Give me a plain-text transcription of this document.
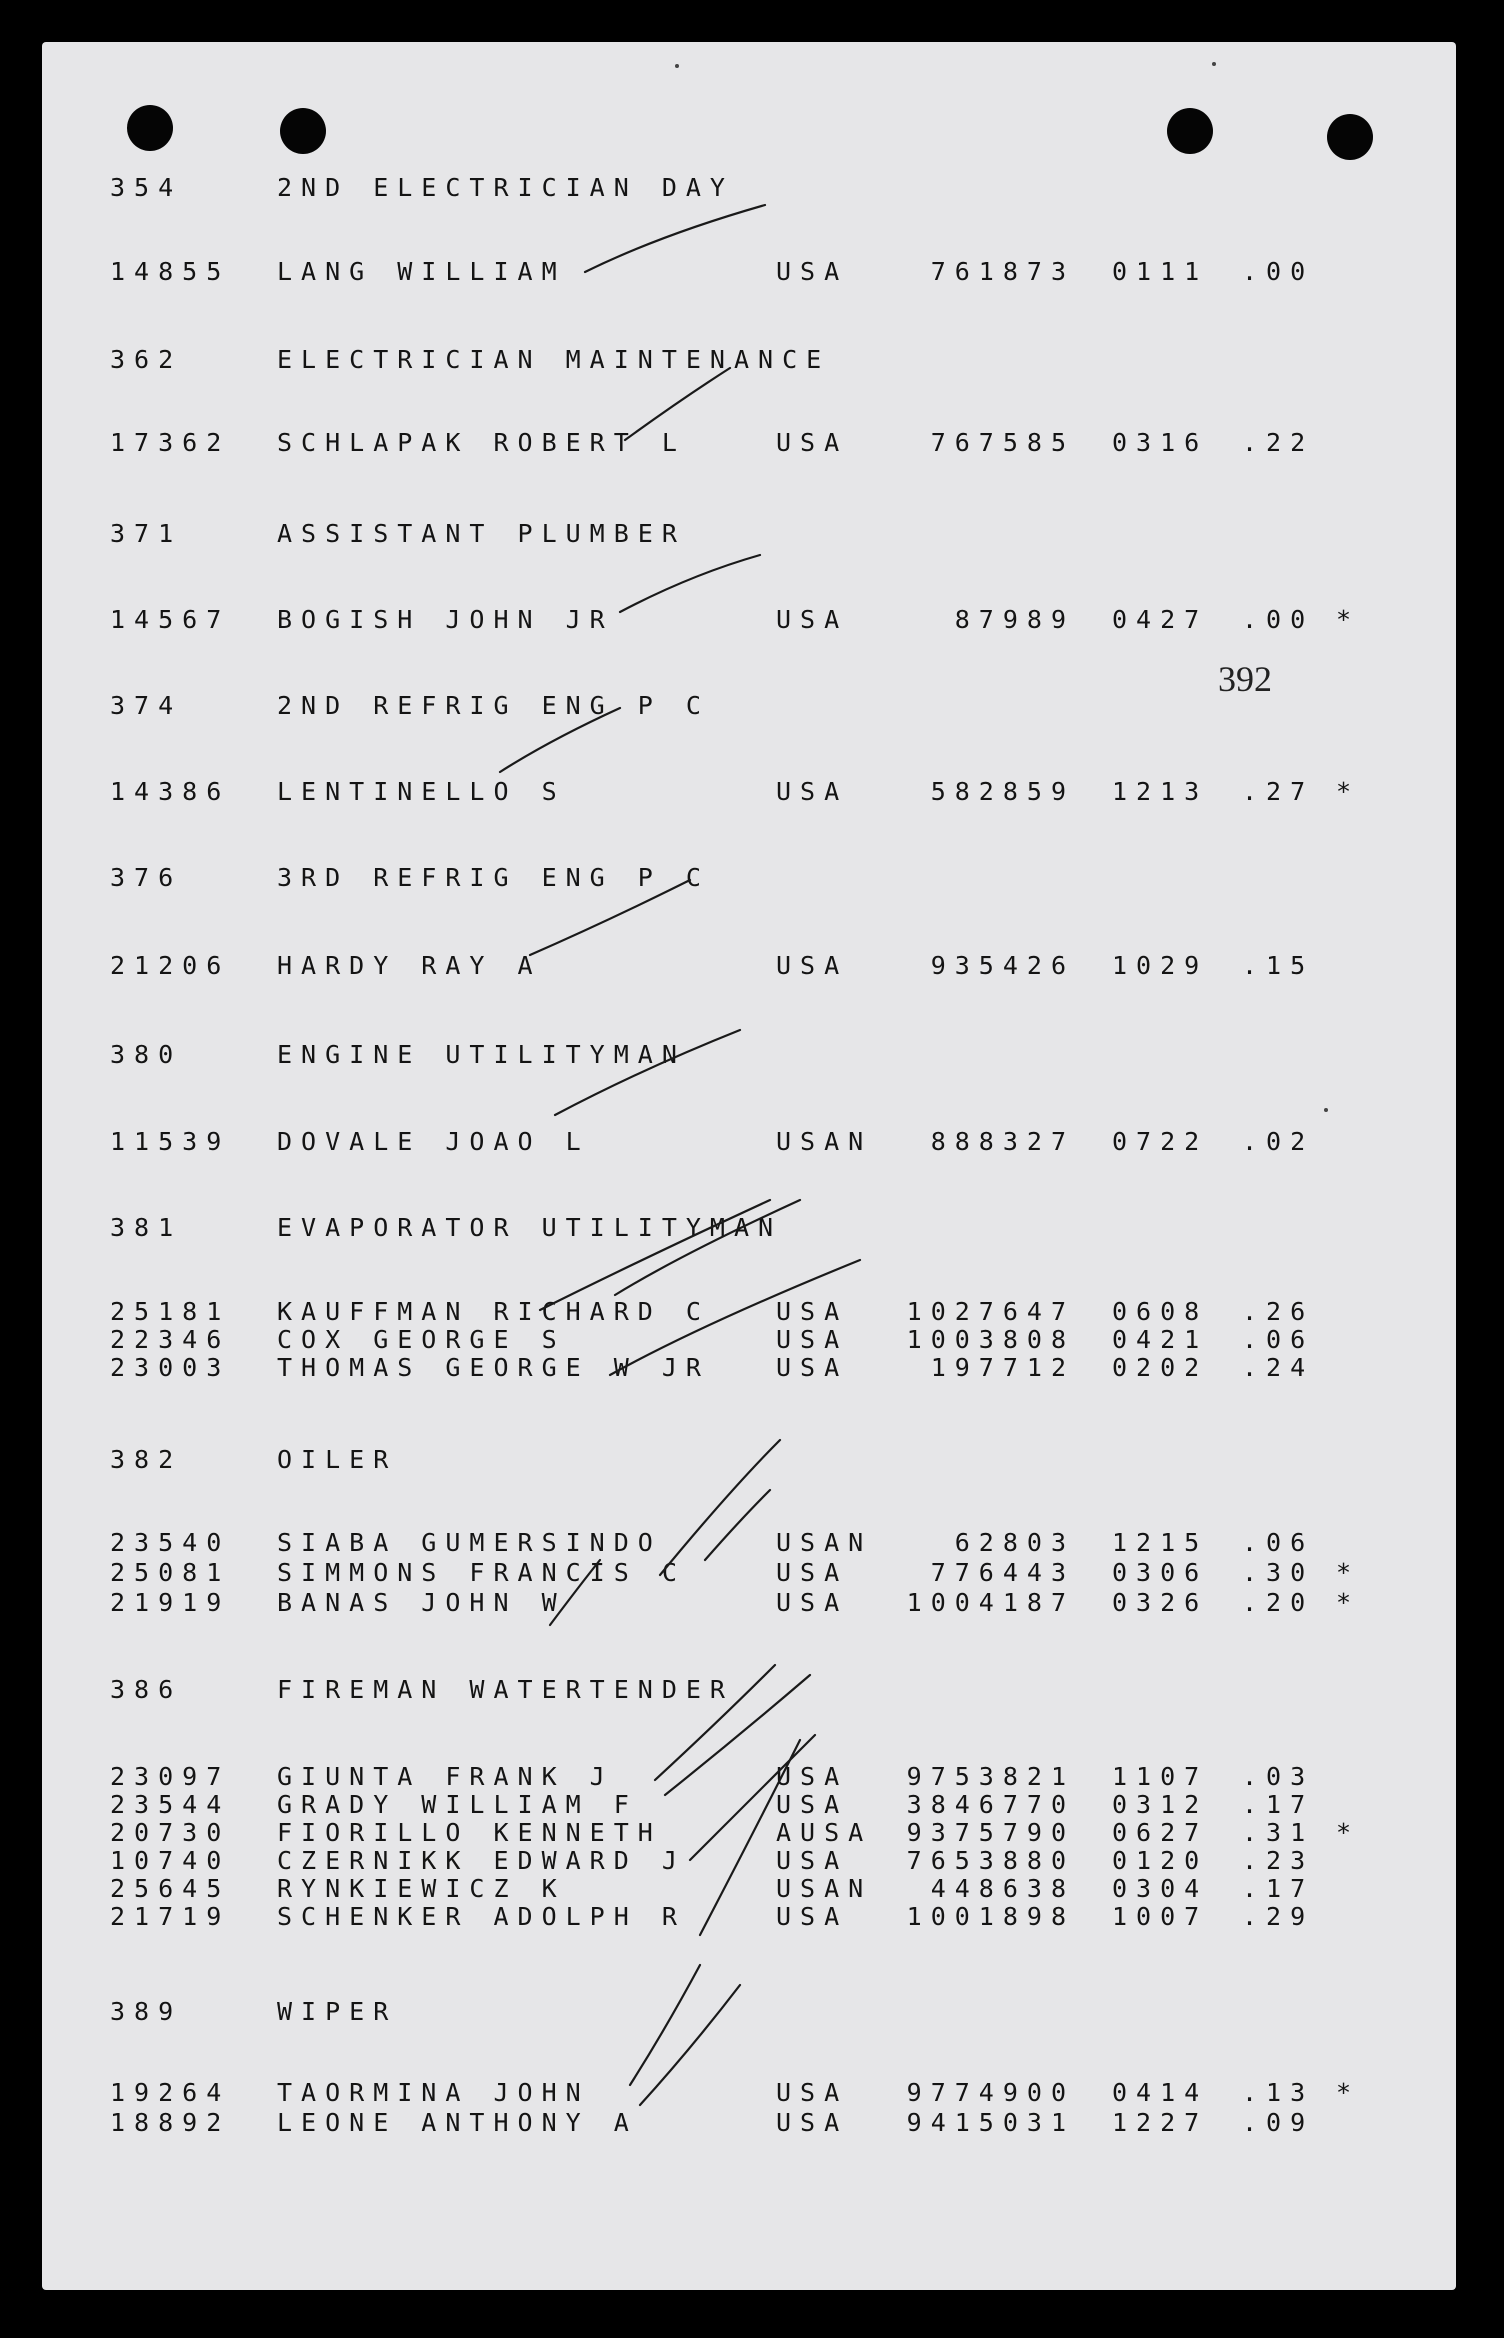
392
354	2ND ELECTRICIAN DAY
14855 LANG WILLIAM	USA	761873 0111 .00
362	ELECTRICIAN MAINTENANCE
17362 SCHLAPAK ROBERT L	USA	767585 0316 .22
371	ASSISTANT PLUMBER
14567 BOGISH JOHN JR	USA	87989 0427 .00 *
374	2ND REFRIG ENG P C
14386 LENTINELLO S	USA	582859 1213 .27 *
376	3RD REFRIG ENG P C
21206 HARDY RAY A	USA	935426 1029 .15
380	ENGINE UTILITYMAN
11539 DOVALE JOAO L	USAN 888327 0722 .02
381	EVAPORATOR UTILITYMAN
25181 KAUFFMAN RICHARD C	USA 1027647 0608 .26
22346 COX GEORGE S	USA 1003808 0421 .06
23003 THOMAS GEORGE W JR	USA	197712 0202 .24
382	OILER
23540 SIABA GUMERSINDO	USAN	62803 1215 .06
25081 SIMMONS FRANCIS C	USA	776443 0306 .30 *
21919 BANAS JOHN W	USA 1004187 0326 .20 *
386	FIREMAN WATERTENDER
23097 GIUNTA FRANK J	USA 9753821 1107 .03
23544 GRADY WILLIAM F	USA 3846770 0312 .17
20730 FIORILLO KENNETH	AUSA 9375790 0627 .31 *
10740 CZERNIKK EDWARD J	USA 7653880 0120 .23
25645 RYNKIEWICZ K	USAN 448638 0304 .17
21719 SCHENKER ADOLPH R	USA 1001898 1007 .29
389	WIPER
19264 TAORMINA JOHN	USA 9774900 0414 .13 *
18892 LEONE ANTHONY A	USA 9415031 1227 .09
